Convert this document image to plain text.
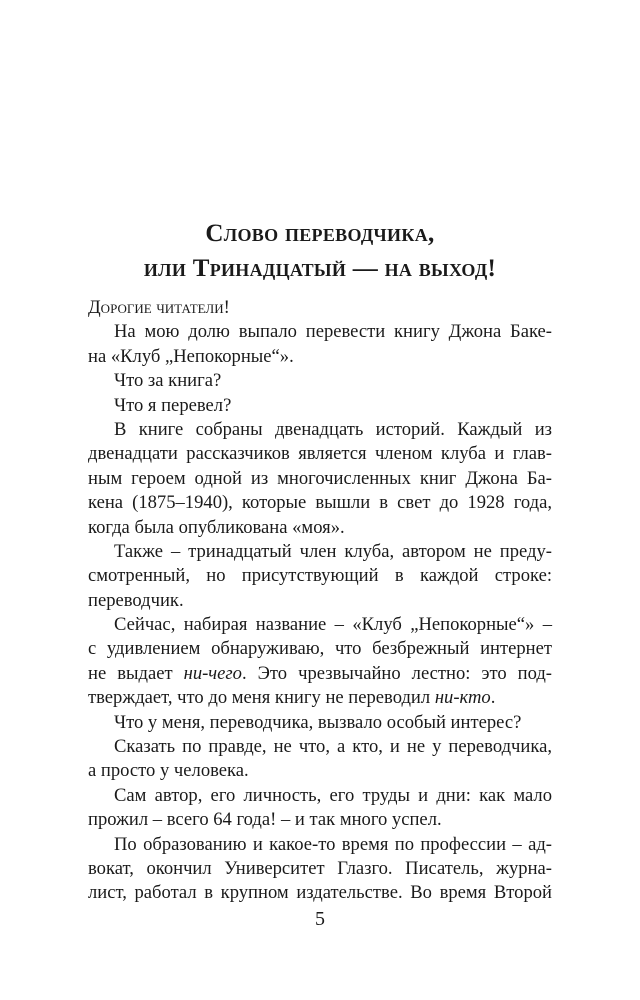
Слово переводчика,
или Тринадцатый — на выход!
Дорогие читатели!
На мою долю выпало перевести книгу Джона Баке-
на «Клуб „Непокорные“».
Что за книга?
Что я перевел?
В книге собраны двенадцать историй. Каждый из
двенадцати рассказчиков является членом клуба и глав-
ным героем одной из многочисленных книг Джона Ба-
кена (1875–1940), которые вышли в свет до 1928 года,
когда была опубликована «моя».
Также – тринадцатый член клуба, автором не преду-
смотренный, но присутствующий в каждой строке:
переводчик.
Сейчас, набирая название – «Клуб „Непокорные“» –
с удивлением обнаруживаю, что безбрежный интернет
не выдает ни-чего. Это чрезвычайно лестно: это под-
тверждает, что до меня книгу не переводил ни-кто.
Что у меня, переводчика, вызвало особый интерес?
Сказать по правде, не что, а кто, и не у переводчика,
а просто у человека.
Сам автор, его личность, его труды и дни: как мало
прожил – всего 64 года! – и так много успел.
По образованию и какое-то время по профессии – ад-
вокат, окончил Университет Глазго. Писатель, журна-
лист, работал в крупном издательстве. Во время Второй
5
